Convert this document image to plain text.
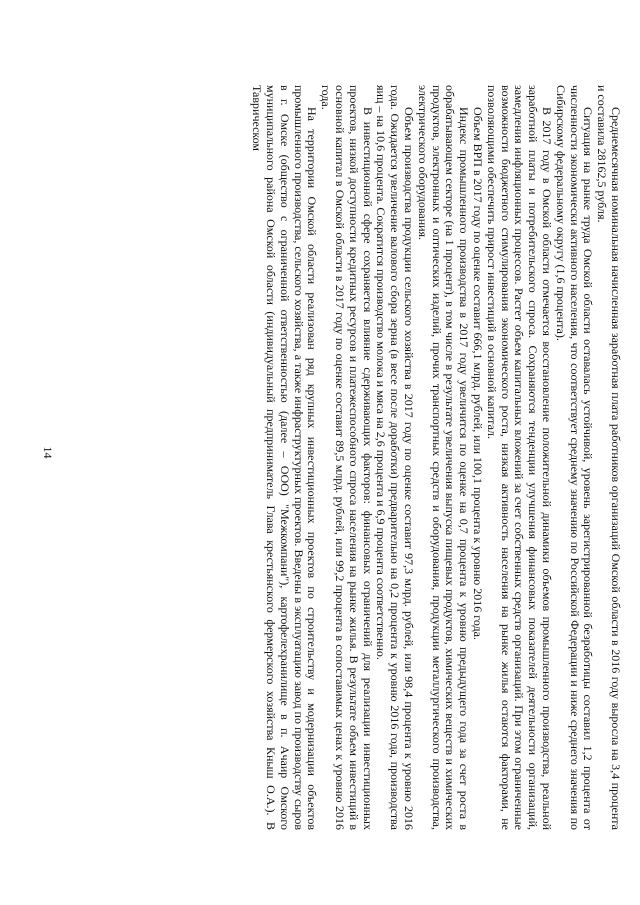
Среднемесячная номинальная начисленная заработная плата работников организаций Омской области в 2016 году выросла на 3,4 процента и составила 28162,5 рубля.

Ситуация на рынке труда Омской области оставалась устойчивой, уровень зарегистрированной безработицы составил 1,2 процента от численности экономически активного населения, что соответствует среднему значению по Российской Федерации и ниже среднего значения по Сибирскому федеральному округу (1,6 процента).

В 2017 году в Омской области отмечается восстановление положительной динамики объемов промышленного производства, реальной заработной платы и потребительского спроса. Сохраняются тенденции улучшения финансовых показателей деятельности организаций, замедления инфляционных процессов. Растет объем капитальных вложений за счет собственных средств организаций. При этом ограниченные возможности бюджетного стимулирования экономического роста, низкая активность населения на рынке жилья остаются факторами, не позволяющими обеспечить прирост инвестиций в основной капитал.

Объем ВРП в 2017 году по оценке составит 666,1 млрд. рублей, или 100,1 процента к уровню 2016 года.

Индекс промышленного производства в 2017 году увеличится по оценке на 0,7 процента к уровню предыдущего года за счет роста в обрабатывающем секторе (на 1 процент), в том числе в результате увеличения выпуска пищевых продуктов, химических веществ и химических продуктов, электронных и оптических изделий, прочих транспортных средств и оборудования, продукции металлургического производства, электрического оборудования.

Объем производства продукции сельского хозяйства в 2017 году по оценке составит 97,3 млрд. рублей, или 98,4 процента к уровню 2016 года. Ожидается увеличение валового сбора зерна (в весе после доработки) предварительно на 0,2 процента к уровню 2016 года, производства яиц – на 10,6 процента. Сократится производство молока и мяса на 2,6 процента и 6,9 процента соответственно.

В инвестиционной сфере сохраняется влияние сдерживающих факторов: финансовых ограничений для реализации инвестиционных проектов, низкой доступности кредитных ресурсов и платежеспособного спроса населения на рынке жилья. В результате объем инвестиций в основной капитал в Омской области в 2017 году по оценке составит 89,5 млрд. рублей, или 99,2 процента в сопоставимых ценах к уровню 2016 года.

На территории Омской области реализован ряд крупных инвестиционных проектов по строительству и модернизации объектов промышленного производства, сельского хозяйства, а также инфраструктурных проектов. Введены в эксплуатацию завод по производству сыров в г. Омске (общество с ограниченной ответственностью (далее – ООО) "Межкомпани"), картофелехранилище в п. Ачаир Омского муниципального района Омской области (индивидуальный предприниматель Глава крестьянского фермерского хозяйства Кныш О.А.). В Таврическом

14
